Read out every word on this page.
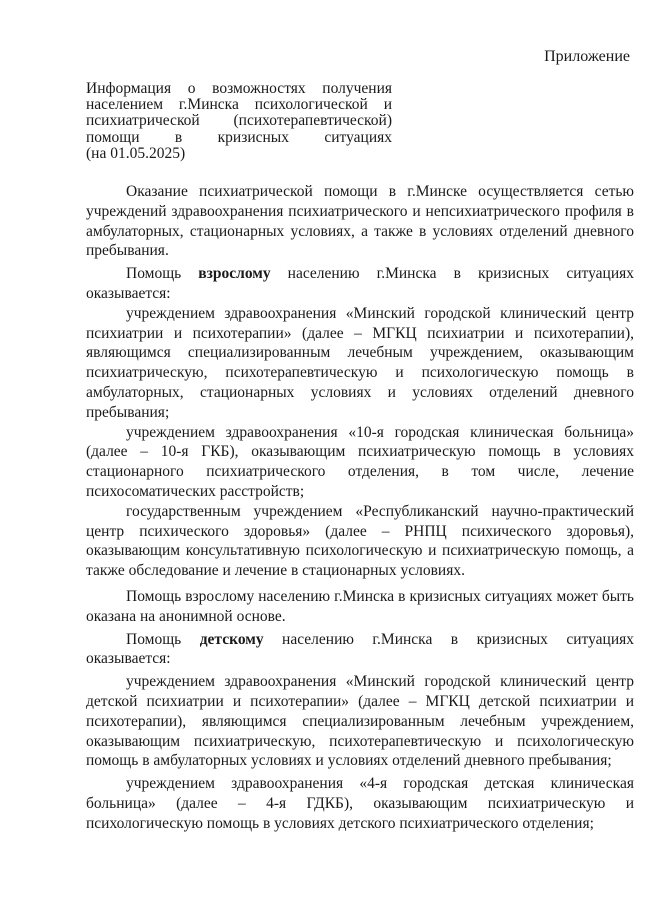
Приложение
Информация о возможностях получения
населением г.Минска психологической и
психиатрической (психотерапевтической)
помощи в кризисных ситуациях
(на 01.05.2025)

Оказание психиатрической помощи в г.Минске осуществляется сетью учреждений здравоохранения психиатрического и непсихиатрического профиля в амбулаторных, стационарных условиях, а также в условиях отделений дневного пребывания.

Помощь взрослому населению г.Минска в кризисных ситуациях оказывается:

учреждением здравоохранения «Минский городской клинический центр психиатрии и психотерапии» (далее – МГКЦ психиатрии и психотерапии), являющимся специализированным лечебным учреждением, оказывающим психиатрическую, психотерапевтическую и психологическую помощь в амбулаторных, стационарных условиях и условиях отделений дневного пребывания;

учреждением здравоохранения «10-я городская клиническая больница» (далее – 10-я ГКБ), оказывающим психиатрическую помощь в условиях стационарного психиатрического отделения, в том числе, лечение психосоматических расстройств;

государственным учреждением «Республиканский научно-практический центр психического здоровья» (далее – РНПЦ психического здоровья), оказывающим консультативную психологическую и психиатрическую помощь, а также обследование и лечение в стационарных условиях.

Помощь взрослому населению г.Минска в кризисных ситуациях может быть оказана на анонимной основе.

Помощь детскому населению г.Минска в кризисных ситуациях оказывается:

учреждением здравоохранения «Минский городской клинический центр детской психиатрии и психотерапии» (далее – МГКЦ детской психиатрии и психотерапии), являющимся специализированным лечебным учреждением, оказывающим психиатрическую, психотерапевтическую и психологическую помощь в амбулаторных условиях и условиях отделений дневного пребывания;

учреждением здравоохранения «4-я городская детская клиническая больница» (далее – 4-я ГДКБ), оказывающим психиатрическую и психологическую помощь в условиях детского психиатрического отделения;
